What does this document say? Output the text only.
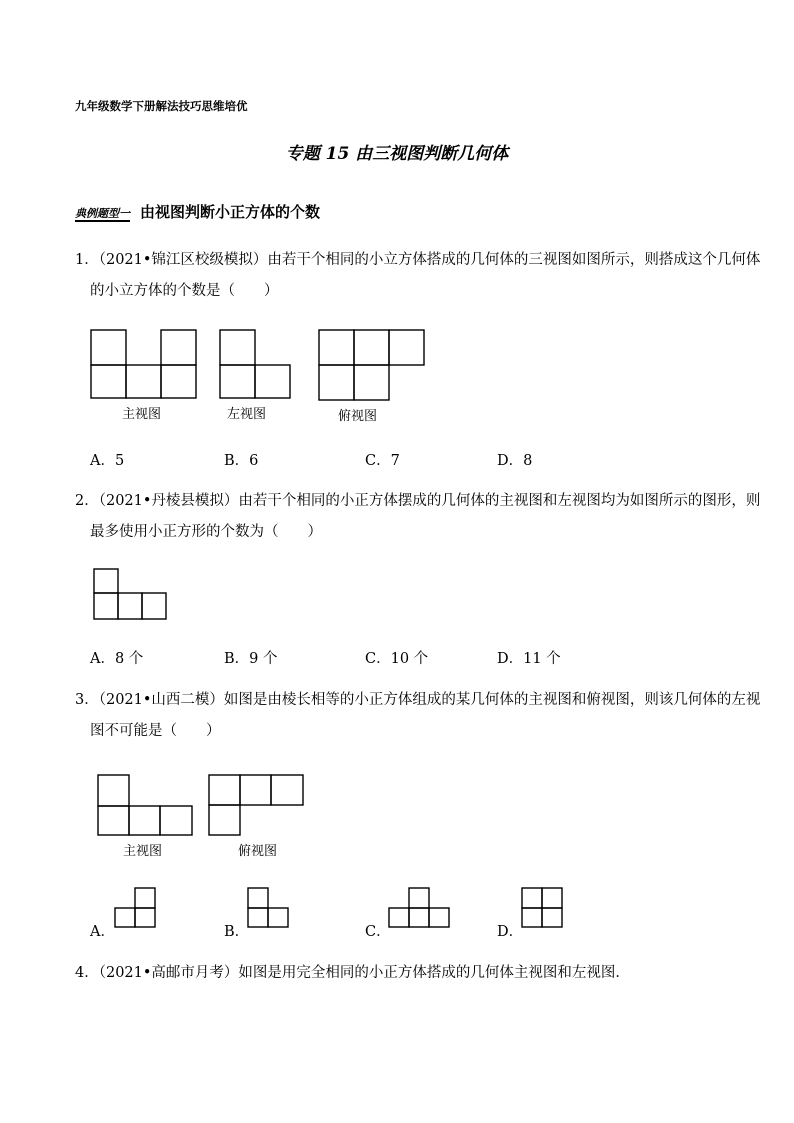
九年级数学下册解法技巧思维培优
专题 15 由三视图判断几何体
典例题型一 由视图判断小正方体的个数
1．（2021•锦江区校级模拟）由若干个相同的小立方体搭成的几何体的三视图如图所示，则搭成这个几何体
的小立方体的个数是（　　）
主视图	左视图	俯视图
A．5	B．6	C．7	D．8
2．（2021•丹棱县模拟）由若干个相同的小正方体摆成的几何体的主视图和左视图均为如图所示的图形，则
最多使用小正方形的个数为（　　）
A．8 个	B．9 个	C．10 个	D．11 个
3．（2021•山西二模）如图是由棱长相等的小正方体组成的某几何体的主视图和俯视图，则该几何体的左视
图不可能是（　　）
主视图	俯视图
A．	B．	C．	D．
4．（2021•高邮市月考）如图是用完全相同的小正方体搭成的几何体主视图和左视图．
